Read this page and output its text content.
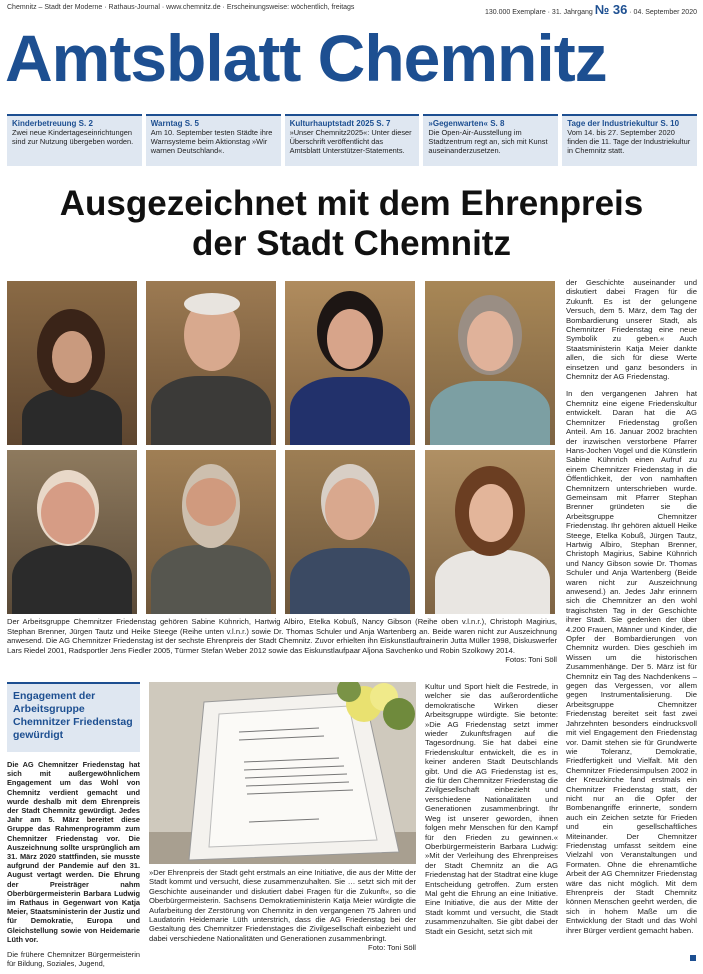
Chemnitz – Stadt der Moderne · Rathaus-Journal · www.chemnitz.de · Erscheinungsweise: wöchentlich, freitags
130.000 Exemplare · 31. Jahrgang № 36 · 04. September 2020
Amtsblatt Chemnitz
Kinderbetreuung S. 2
Zwei neue Kindertageseinrichtungen sind zur Nutzung übergeben worden.
Warntag S. 5
Am 10. September testen Städte ihre Warnsysteme beim Aktionstag »Wir warnen Deutschland«.
Kulturhauptstadt 2025 S. 7
»Unser Chemnitz2025«: Unter dieser Überschrift veröffentlicht das Amtsblatt Unterstützer-Statements.
»Gegenwarten« S. 8
Die Open-Air-Ausstellung im Stadtzentrum regt an, sich mit Kunst auseinanderzusetzen.
Tage der Industriekultur S. 10
Vom 14. bis 27. September 2020 finden die 11. Tage der Industriekultur in Chemnitz statt.
Ausgezeichnet mit dem Ehrenpreis
der Stadt Chemnitz
Der Arbeitsgruppe Chemnitzer Friedenstag gehören Sabine Kühnrich, Hartwig Albiro, Etelka Kobuß, Nancy Gibson (Reihe oben v.l.n.r.), Christoph Magirius, Stephan Brenner, Jürgen Tautz und Heike Steege (Reihe unten v.l.n.r.) sowie Dr. Thomas Schuler und Anja Wartenberg an. Beide waren nicht zur Auszeichnung anwesend. Die AG Chemnitzer Friedenstag ist der sechste Ehrenpreis der Stadt Chemnitz. Zuvor erhielten ihn Eiskunstlauftrainerin Jutta Müller 1998, Diskuswerfer Lars Riedel 2001, Radsportler Jens Fiedler 2005, Türmer Stefan Weber 2012 sowie das Eiskunstlaufpaar Aljona Savchenko und Robin Szolkowy 2014.
Fotos: Toni Söll

der Geschichte auseinander und diskutiert dabei Fragen für die Zukunft. Es ist der gelungene Versuch, dem 5. März, dem Tag der Bombardierung unserer Stadt, als Chemnitzer Friedenstag eine neue Symbolik zu geben.« Auch Staatsministerin Katja Meier dankte allen, die sich für diese Werte einsetzen und ganz besonders in Chemnitz der AG Friedenstag.

In den vergangenen Jahren hat Chemnitz eine eigene Friedenskultur entwickelt. Daran hat die AG Chemnitzer Friedenstag großen Anteil. Am 16. Januar 2002 brachten der inzwischen verstorbene Pfarrer Hans-Jochen Vogel und die Künstlerin Sabine Kühnrich einen Aufruf zu einem Chemnitzer Friedenstag in die Öffentlichkeit, der von namhaften Chemnitzern unterschrieben wurde. Gemeinsam mit Pfarrer Stephan Brenner gründeten sie die Arbeitsgruppe Chemnitzer Friedenstag. Ihr gehören aktuell Heike Steege, Etelka Kobuß, Jürgen Tautz, Hartwig Albiro, Stephan Brenner, Christoph Magirius, Sabine Kühnrich und Nancy Gibson sowie Dr. Thomas Schuler und Anja Wartenberg (Beide waren nicht zur Auszeichnung anwesend.) an. Jedes Jahr erinnern sich die Chemnitzer an den wohl tragischsten Tag in der Geschichte ihrer Stadt. Sie gedenken der über 4.200 Frauen, Männer und Kinder, die Opfer der Bombardierungen von Chemnitz wurden. Dies geschieh im Wissen um die historischen Zusammenhänge. Der 5. März ist für Chemnitz ein Tag des Nachdenkens – gegen das Vergessen, vor allem gegen Instrumentalisierung. Die Arbeitsgruppe Chemnitzer Friedenstag bereitet seit fast zwei Jahrzehnten besonders eindrucksvoll mit viel Engagement den Friedenstag vor. Damit stehen sie für Grundwerte wie Toleranz, Demokratie, Friedfertigkeit und Vielfalt. Mit den Chemnitzer Friedensimpulsen 2002 in der Kreuzkirche fand erstmals ein Chemnitzer Friedenstag statt, der nicht nur an die Opfer der Bombenangriffe erinnerte, sondern auch ein Zeichen setzte für Frieden und ein gesellschaftliches Miteinander. Der Chemnitzer Friedenstag umfasst seitdem eine Vielzahl von Veranstaltungen und Formaten. Ohne die ehrenamtliche Arbeit der AG Chemnitzer Friedenstag wäre das nicht möglich. Mit dem Ehrenpreis der Stadt Chemnitz können Menschen geehrt werden, die sich in hohem Maße um die Entwicklung der Stadt und das Wohl ihrer Bürger verdient gemacht haben.

Engagement der Arbeitsgruppe Chemnitzer Friedenstag gewürdigt

Die AG Chemnitzer Friedenstag hat sich mit außergewöhnlichem Engagement um das Wohl von Chemnitz verdient gemacht und wurde deshalb mit dem Ehrenpreis der Stadt Chemnitz gewürdigt. Jedes Jahr am 5. März bereitet diese Gruppe das Rahmenprogramm zum Chemnitzer Friedenstag vor. Die Auszeichnung sollte ursprünglich am 31. März 2020 stattfinden, sie musste aufgrund der Pandemie auf den 31. August vertagt werden. Die Ehrung der Preisträger nahm Oberbürgermeisterin Barbara Ludwig im Rathaus in Gegenwart von Katja Meier, Staatsministerin der Justiz und für Demokratie, Europa und Gleichstellung sowie von Heidemarie Lüth vor.

Die frühere Chemnitzer Bürgermeisterin für Bildung, Soziales, Jugend,

»Der Ehrenpreis der Stadt geht erstmals an eine Initiative, die aus der Mitte der Stadt kommt und versucht, diese zusammenzuhalten. Sie … setzt sich mit der Geschichte auseinander und diskutiert dabei Fragen für die Zukunft«, so die Oberbürgermeisterin. Sachsens Demokratieministerin Katja Meier würdigte die Aufarbeitung der Zerstörung von Chemnitz in den vergangenen 75 Jahren und Laudatorin Heidemarie Lüth unterstrich, dass die AG Friedenstag bei der Gestaltung des Chemnitzer Friedenstages die Zivilgesellschaft einbezieht und dabei verschiedene Nationalitäten und Generationen zusammenbringt.
Foto: Toni Söll

Kultur und Sport hielt die Festrede, in welcher sie das außerordentliche demokratische Wirken dieser Arbeitsgruppe würdigte. Sie betonte: »Die AG Friedenstag setzt immer wieder Zukunftsfragen auf die Tagesordnung. Sie hat dabei eine Friedenskultur entwickelt, die es in keiner anderen Stadt Deutschlands gibt. Und die AG Friedenstag ist es, die für den Chemnitzer Friedenstag die Zivilgesellschaft einbezieht und verschiedene Nationalitäten und Generationen zusammenbringt. Ihr Weg ist unserer geworden, ihnen folgen mehr Menschen für den Kampf für den Frieden zu gewinnen.« Oberbürgermeisterin Barbara Ludwig: »Mit der Verleihung des Ehrenpreises der Stadt Chemnitz an die AG Friedenstag hat der Stadtrat eine kluge Entscheidung getroffen. Zum ersten Mal geht die Ehrung an eine Initiative. Eine Initiative, die aus der Mitte der Stadt kommt und versucht, die Stadt zusammenzuhalten. Sie gibt dabei der Stadt ein Gesicht, setzt sich mit
